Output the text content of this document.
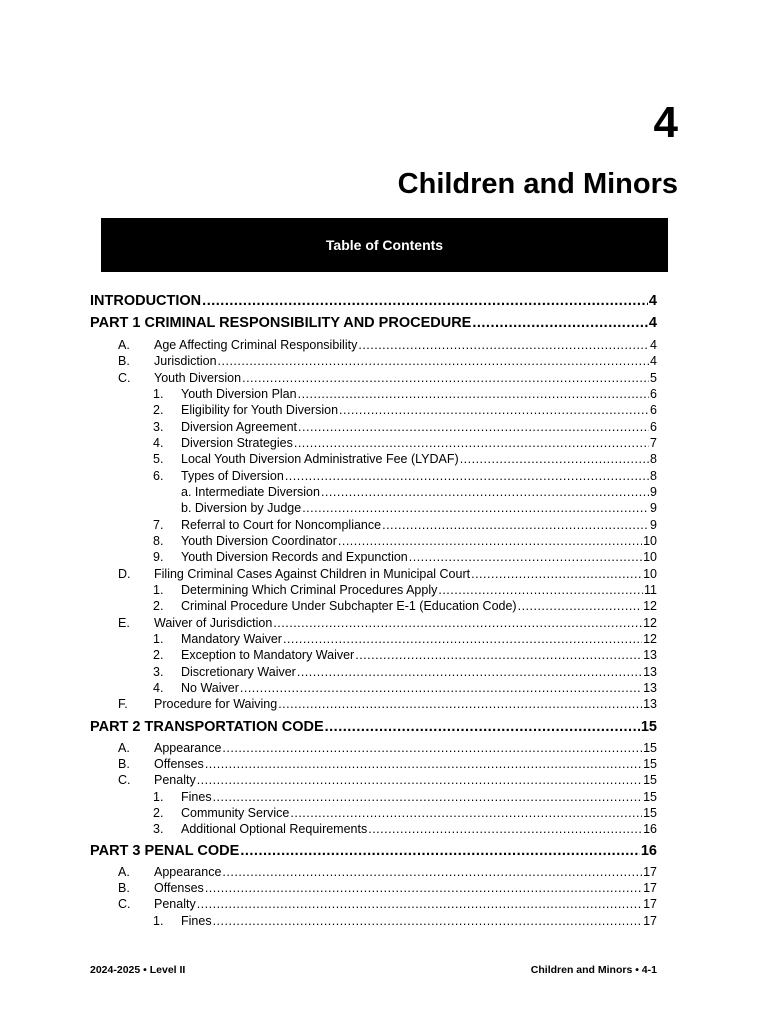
4
Children and Minors
Table of Contents
INTRODUCTION .....	4
PART 1 CRIMINAL RESPONSIBILITY AND PROCEDURE .....	4
A. Age Affecting Criminal Responsibility .....	4
B. Jurisdiction .....	4
C. Youth Diversion .....	5
1. Youth Diversion Plan .....	6
2. Eligibility for Youth Diversion .....	6
3. Diversion Agreement .....	6
4. Diversion Strategies .....	7
5. Local Youth Diversion Administrative Fee (LYDAF) .....	8
6. Types of Diversion .....	8
a. Intermediate Diversion .....	9
b. Diversion by Judge .....	9
7. Referral to Court for Noncompliance .....	9
8. Youth Diversion Coordinator .....	10
9. Youth Diversion Records and Expunction .....	10
D. Filing Criminal Cases Against Children in Municipal Court .....	10
1. Determining Which Criminal Procedures Apply .....	11
2. Criminal Procedure Under Subchapter E-1 (Education Code) .....	12
E. Waiver of Jurisdiction .....	12
1. Mandatory Waiver .....	12
2. Exception to Mandatory Waiver .....	13
3. Discretionary Waiver .....	13
4. No Waiver .....	13
F. Procedure for Waiving .....	13
PART 2 TRANSPORTATION CODE .....	15
A. Appearance .....	15
B. Offenses .....	15
C. Penalty .....	15
1. Fines .....	15
2. Community Service .....	15
3. Additional Optional Requirements .....	16
PART 3 PENAL CODE .....	16
A. Appearance .....	17
B. Offenses .....	17
C. Penalty .....	17
1. Fines .....	17
2024-2025 • Level II	Children and Minors • 4-1
